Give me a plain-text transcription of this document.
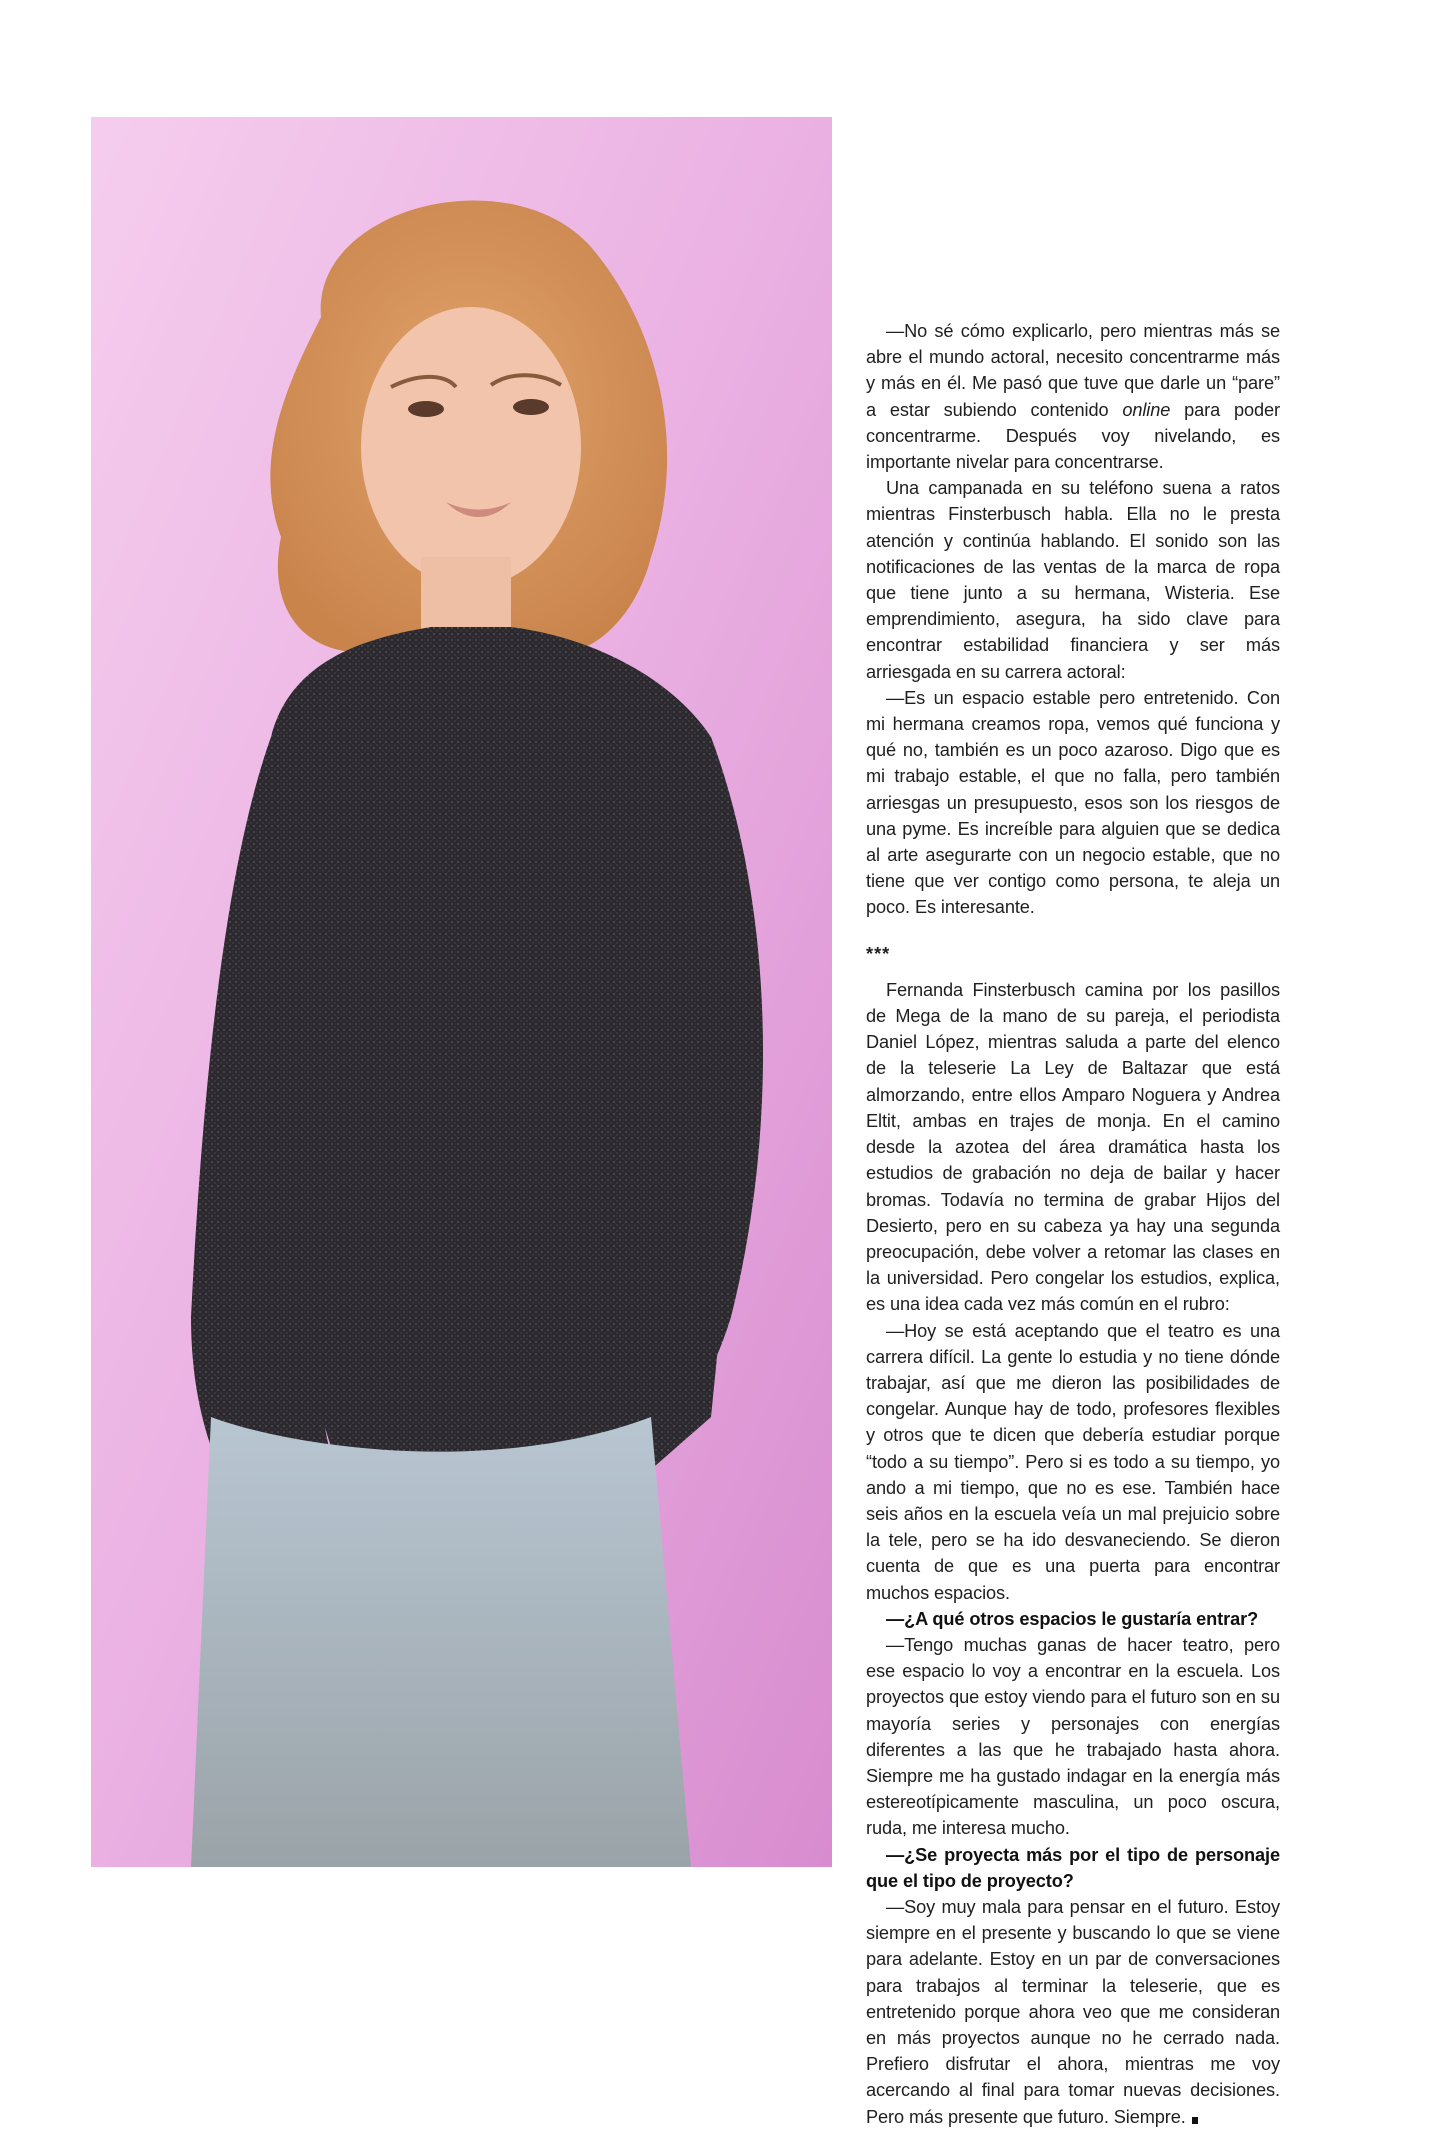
—No sé cómo explicarlo, pero mientras más se abre el mundo actoral, necesito concentrarme más y más en él. Me pasó que tuve que darle un “pare” a estar subiendo contenido online para poder concentrarme. Después voy nivelando, es importante nivelar para concentrarse.

Una campanada en su teléfono suena a ratos mientras Finsterbusch habla. Ella no le presta atención y continúa hablando. El sonido son las notificaciones de las ventas de la marca de ropa que tiene junto a su hermana, Wisteria. Ese emprendimiento, asegura, ha sido clave para encontrar estabilidad financiera y ser más arriesgada en su carrera actoral:

—Es un espacio estable pero entretenido. Con mi hermana creamos ropa, vemos qué funciona y qué no, también es un poco azaroso. Digo que es mi trabajo estable, el que no falla, pero también arriesgas un presupuesto, esos son los riesgos de una pyme. Es increíble para alguien que se dedica al arte asegurarte con un negocio estable, que no tiene que ver contigo como persona, te aleja un poco. Es interesante.

***

Fernanda Finsterbusch camina por los pasillos de Mega de la mano de su pareja, el periodista Daniel López, mientras saluda a parte del elenco de la teleserie La Ley de Baltazar que está almorzando, entre ellos Amparo Noguera y Andrea Eltit, ambas en trajes de monja. En el camino desde la azotea del área dramática hasta los estudios de grabación no deja de bailar y hacer bromas. Todavía no termina de grabar Hijos del Desierto, pero en su cabeza ya hay una segunda preocupación, debe volver a retomar las clases en la universidad. Pero congelar los estudios, explica, es una idea cada vez más común en el rubro:

—Hoy se está aceptando que el teatro es una carrera difícil. La gente lo estudia y no tiene dónde trabajar, así que me dieron las posibilidades de congelar. Aunque hay de todo, profesores flexibles y otros que te dicen que debería estudiar porque “todo a su tiempo”. Pero si es todo a su tiempo, yo ando a mi tiempo, que no es ese. También hace seis años en la escuela veía un mal prejuicio sobre la tele, pero se ha ido desvaneciendo. Se dieron cuenta de que es una puerta para encontrar muchos espacios.

—¿A qué otros espacios le gustaría entrar?

—Tengo muchas ganas de hacer teatro, pero ese espacio lo voy a encontrar en la escuela. Los proyectos que estoy viendo para el futuro son en su mayoría series y personajes con energías diferentes a las que he trabajado hasta ahora. Siempre me ha gustado indagar en la energía más estereotípicamente masculina, un poco oscura, ruda, me interesa mucho.

—¿Se proyecta más por el tipo de personaje que el tipo de proyecto?

—Soy muy mala para pensar en el futuro. Estoy siempre en el presente y buscando lo que se viene para adelante. Estoy en un par de conversaciones para trabajos al terminar la teleserie, que es entretenido porque ahora veo que me consideran en más proyectos aunque no he cerrado nada. Prefiero disfrutar el ahora, mientras me voy acercando al final para tomar nuevas decisiones. Pero más presente que futuro. Siempre.
